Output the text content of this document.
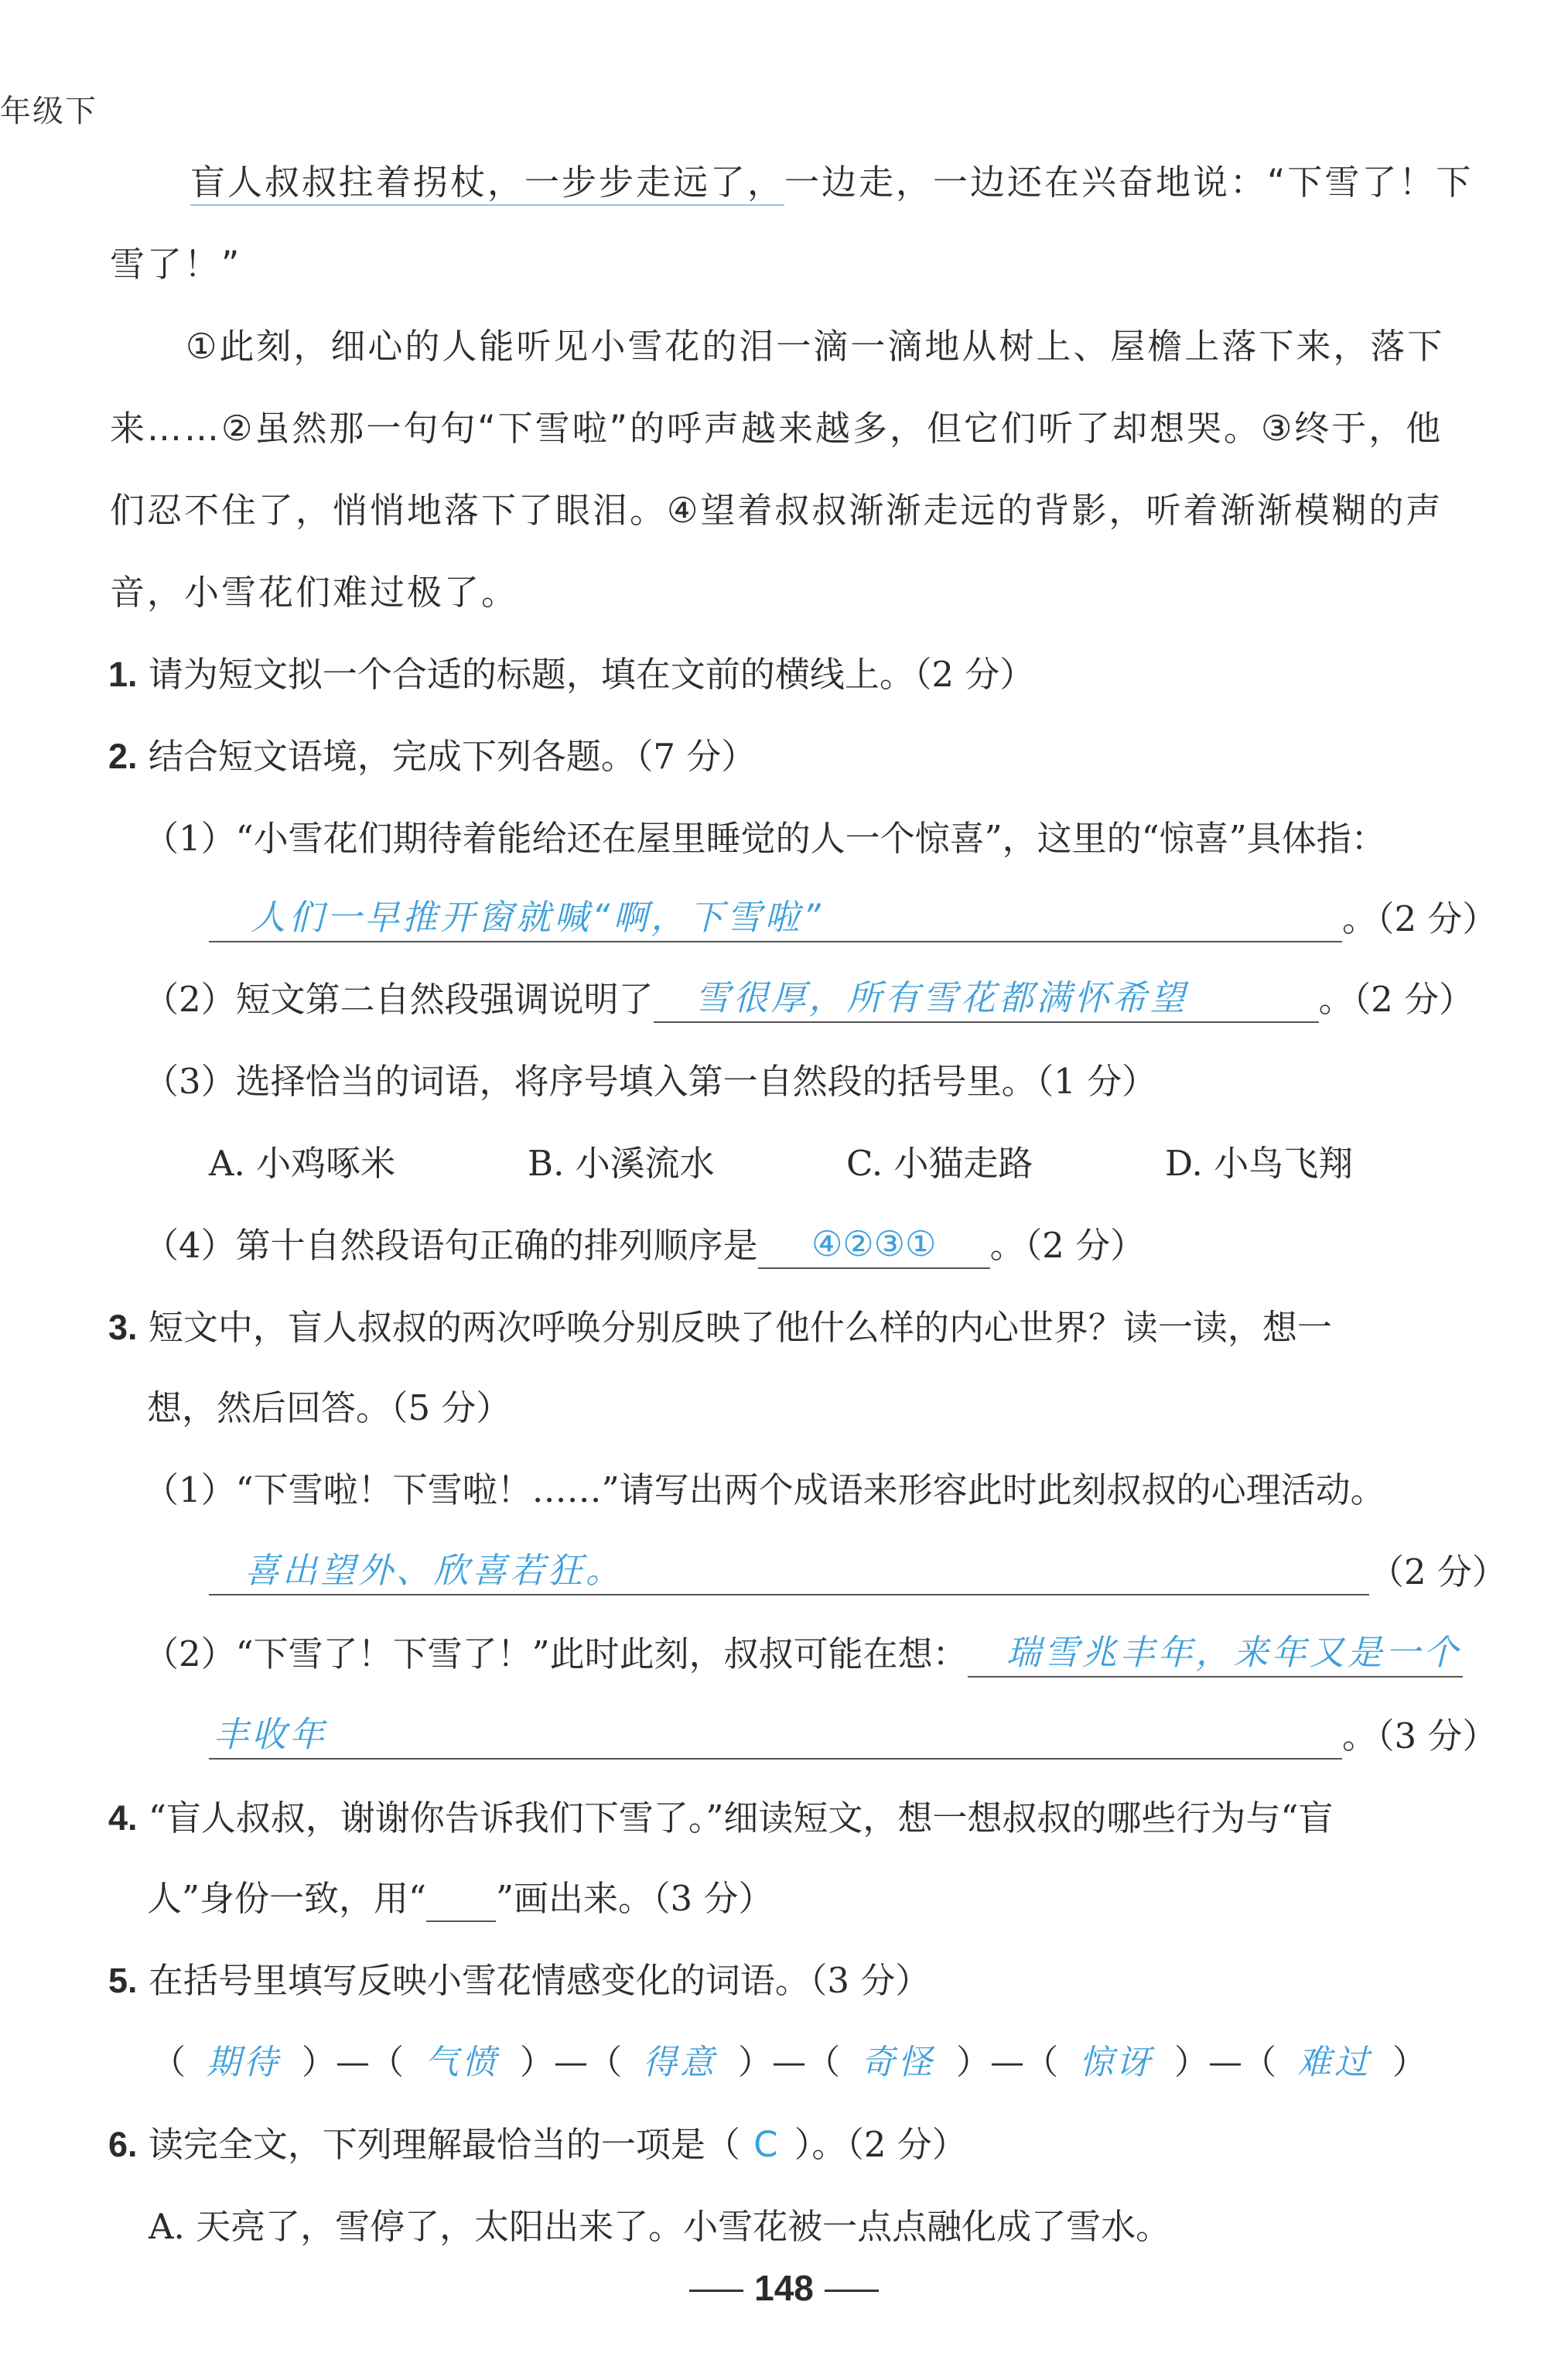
年级下
盲人叔叔拄着拐杖，一步步走远了，一边走，一边还在兴奋地说：“下雪了！下
雪了！”
①此刻，细心的人能听见小雪花的泪一滴一滴地从树上、屋檐上落下来，落下
来……②虽然那一句句“下雪啦”的呼声越来越多，但它们听了却想哭。③终于，他
们忍不住了，悄悄地落下了眼泪。④望着叔叔渐渐走远的背影，听着渐渐模糊的声
音，小雪花们难过极了。
1. 请为短文拟一个合适的标题，填在文前的横线上。（2 分）
2. 结合短文语境，完成下列各题。（7 分）
（1）“小雪花们期待着能给还在屋里睡觉的人一个惊喜”，这里的“惊喜”具体指：
人们一早推开窗就喊“啊，下雪啦”	。（2 分）
（2）短文第二自然段强调说明了 雪很厚，所有雪花都满怀希望	。（2 分）
（3）选择恰当的词语，将序号填入第一自然段的括号里。（1 分）
A. 小鸡啄米	B. 小溪流水	C. 小猫走路	D. 小鸟飞翔
（4）第十自然段语句正确的排列顺序是 ④②③① 。（2 分）
3. 短文中，盲人叔叔的两次呼唤分别反映了他什么样的内心世界？读一读，想一
想，然后回答。（5 分）
（1）“下雪啦！下雪啦！……”请写出两个成语来形容此时此刻叔叔的心理活动。
喜出望外、欣喜若狂。	（2 分）
（2）“下雪了！下雪了！”此时此刻，叔叔可能在想： 瑞雪兆丰年，来年又是一个
丰收年	。（3 分）
4. “盲人叔叔，谢谢你告诉我们下雪了。”细读短文，想一想叔叔的哪些行为与“盲
人”身份一致，用“ ”画出来。（3 分）
5. 在括号里填写反映小雪花情感变化的词语。（3 分）
（ 期待 ）—（ 气愤 ）—（ 得意 ）—（ 奇怪 ）—（ 惊讶 ）—（ 难过 ）
6. 读完全文，下列理解最恰当的一项是（ C ）。（2 分）
A. 天亮了，雪停了，太阳出来了。小雪花被一点点融化成了雪水。
148
